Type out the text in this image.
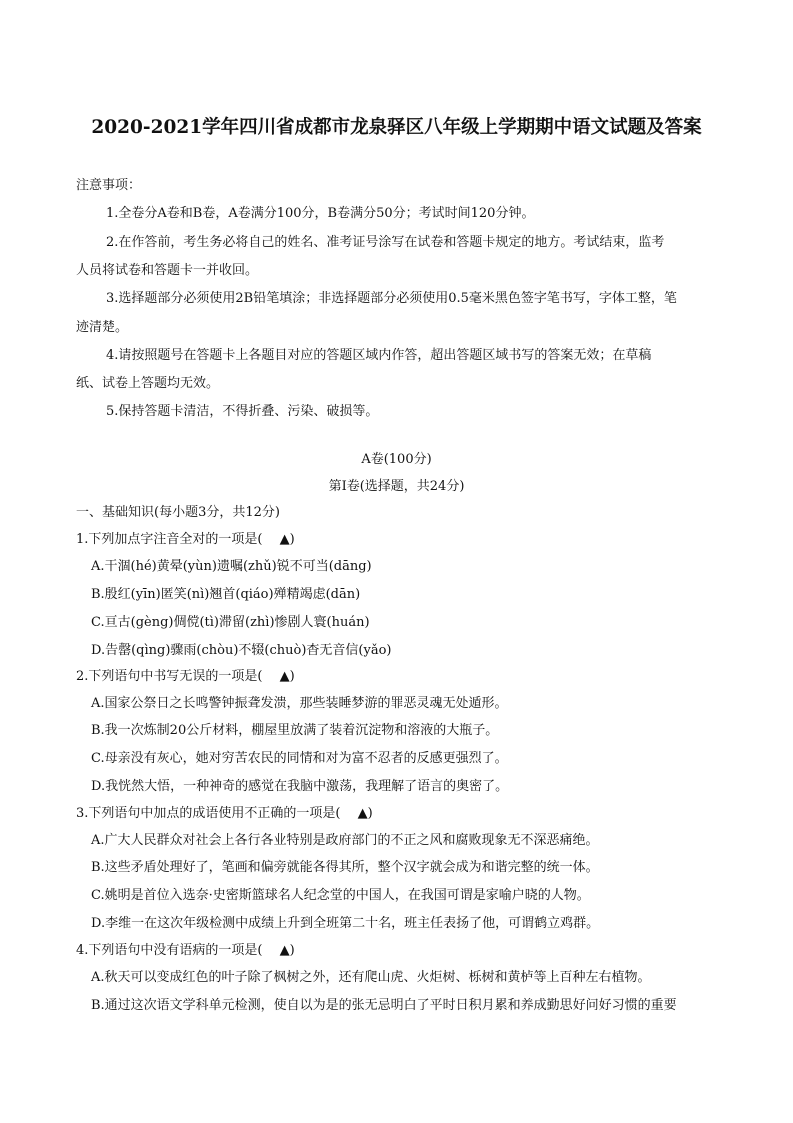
2020-2021学年四川省成都市龙泉驿区八年级上学期期中语文试题及答案

注意事项：

1.全卷分A卷和B卷，A卷满分100分，B卷满分50分；考试时间120分钟。

2.在作答前，考生务必将自己的姓名、准考证号涂写在试卷和答题卡规定的地方。考试结束，监考

人员将试卷和答题卡一并收回。

3.选择题部分必须使用2B铅笔填涂；非选择题部分必须使用0.5毫米黑色签字笔书写，字体工整，笔

迹清楚。

4.请按照题号在答题卡上各题目对应的答题区域内作答，超出答题区域书写的答案无效；在草稿

纸、试卷上答题均无效。

5.保持答题卡清洁，不得折叠、污染、破损等。

A卷(100分)

第Ⅰ卷(选择题，共24分)

一、基础知识(每小题3分，共12分)

1.下列加点字注音全对的一项是(　 ▲)

A.干涸(hé)黄晕(yùn)遗嘱(zhǔ)锐不可当(dāng)

B.殷红(yīn)匿笑(nì)翘首(qiáo)殚精竭虑(dān)

C.亘古(gèng)倜傥(tì)滞留(zhì)惨剧人寰(huán)

D.告罄(qìng)骤雨(chòu)不辍(chuò)杳无音信(yǎo)

2.下列语句中书写无误的一项是(　 ▲)

A.国家公祭日之长鸣警钟振聋发溃，那些装睡梦游的罪恶灵魂无处遁形。

B.我一次炼制20公斤材料，棚屋里放满了装着沉淀物和溶液的大瓶子。

C.母亲没有灰心，她对穷苦农民的同情和对为富不忍者的反感更强烈了。

D.我恍然大悟，一种神奇的感觉在我脑中激荡，我理解了语言的奥密了。

3.下列语句中加点的成语使用不正确的一项是(　 ▲)

A.广大人民群众对社会上各行各业特别是政府部门的不正之风和腐败现象无不深恶痛绝。

B.这些矛盾处理好了，笔画和偏旁就能各得其所，整个汉字就会成为和谐完整的统一体。

C.姚明是首位入选奈·史密斯篮球名人纪念堂的中国人，在我国可谓是家喻户晓的人物。

D.李维一在这次年级检测中成绩上升到全班第二十名，班主任表扬了他，可谓鹤立鸡群。

4.下列语句中没有语病的一项是(　 ▲)

A.秋天可以变成红色的叶子除了枫树之外，还有爬山虎、火炬树、栎树和黄栌等上百种左右植物。

B.通过这次语文学科单元检测，使自以为是的张无忌明白了平时日积月累和养成勤思好问好习惯的重要
